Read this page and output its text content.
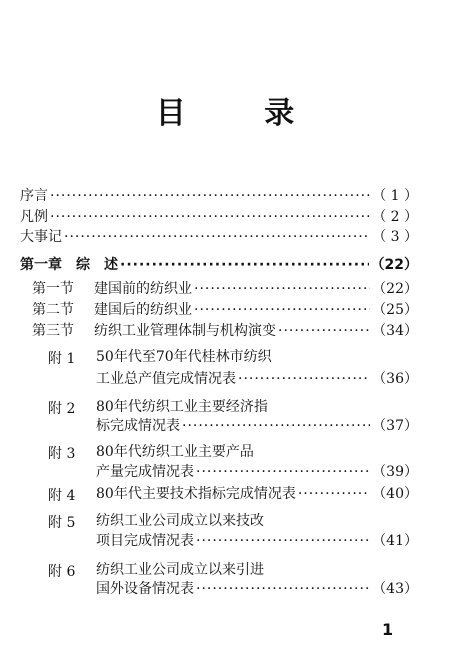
目 录
序言 ·····	（ 1 ）
凡例 ·····	（ 2 ）
大事记 ·····	（ 3 ）
第一章　综　述 ·····	（22）
第一节	建国前的纺织业 ·····	（22）
第二节	建国后的纺织业 ·····	（25）
第三节	纺织工业管理体制与机构演变 ·····	（34）
附 1 50年代至70年代桂林市纺织
工业总产值完成情况表 ·····	（36）
附 2 80年代纺织工业主要经济指
标完成情况表 ·····	（37）
附 3 80年代纺织工业主要产品
产量完成情况表 ·····	（39）
附 4 80年代主要技术指标完成情况表 ·····	（40）
附 5 纺织工业公司成立以来技改
项目完成情况表 ·····	（41）
附 6 纺织工业公司成立以来引进
国外设备情况表 ·····	（43）
1
